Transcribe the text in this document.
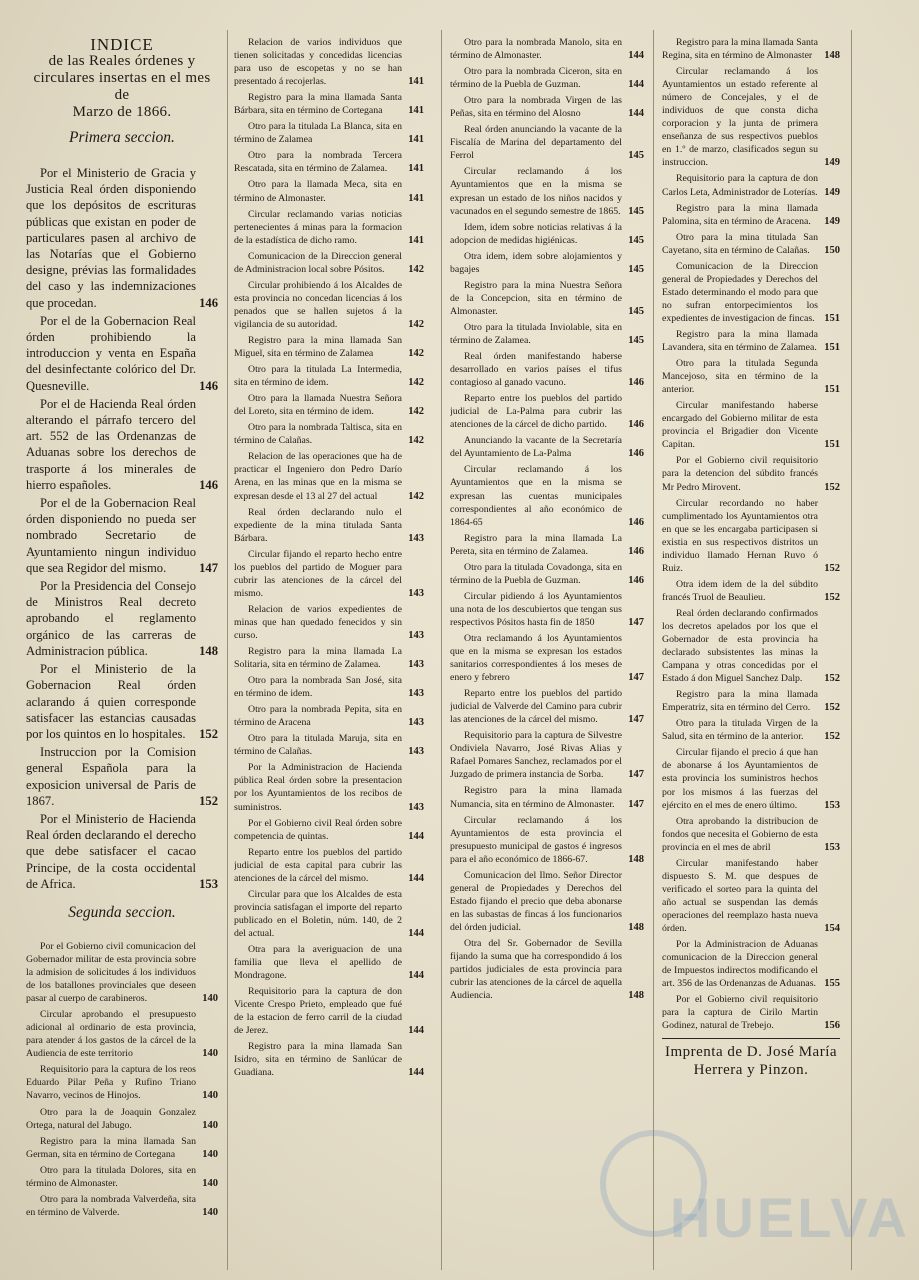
INDICE
de las Reales órdenes y circulares insertas en el mes de
Marzo de 1866.
Primera seccion.
Por el Ministerio de Gracia y Justicia Real órden disponiendo que los depósitos de escrituras públicas que existan en poder de particulares pasen al archivo de las Notarías que el Gobierno designe, prévias las formalidades del caso y las indemnizaciones que procedan.	146
Por el de la Gobernacion Real órden prohibiendo la introduccion y venta en España del desinfectante colórico del Dr. Quesneville.	146
Por el de Hacienda Real órden alterando el párrafo tercero del art. 552 de las Ordenanzas de Aduanas sobre los derechos de trasporte á los minerales de hierro españoles.	146
Por el de la Gobernacion Real órden disponiendo no pueda ser nombrado Secretario de Ayuntamiento ningun individuo que sea Regidor del mismo.	147
Por la Presidencia del Consejo de Ministros Real decreto aprobando el reglamento orgánico de las carreras de Administracion pública.	148
Por el Ministerio de la Gobernacion Real órden aclarando á quien corresponde satisfacer las estancias causadas por los quintos en lo hospitales. 152
Instruccion por la Comision general Española para la exposicion universal de Paris de 1867.	152
Por el Ministerio de Hacienda Real órden declarando el derecho que debe satisfacer el cacao Principe, de la costa occidental de Africa.	153
Segunda seccion.
Por el Gobierno civil comunicacion del Gobernador militar de esta provincia sobre la admision de solicitudes á los individuos de los batallones provinciales que deseen pasar al cuerpo de carabineros.	140
Circular aprobando el presupuesto adicional al ordinario de esta provincia, para atender á los gastos de la cárcel de la Audiencia de este territorio	140
Requisitorio para la captura de los reos Eduardo Pilar Peña y Rufino Triano Navarro, vecinos de Hinojos.	140
Otro para la de Joaquin Gonzalez Ortega, natural del Jabugo.	140
Registro para la mina llamada San German, sita en término de Cortegana	140
Otro para la titulada Dolores, sita en término de Almonaster.	140
Otro para la nombrada Valverdeña, sita en término de Valverde.	140
Relacion de varios individuos que tienen solicitadas y concedidas licencias para uso de escopetas y no se han presentado á recojerlas.	141
Registro para la mina llamada Santa Bárbara, sita en término de Cortegana 141
Otro para la titulada La Blanca, sita en término de Zalamea	141
Otro para la nombrada Tercera Rescatada, sita en término de Zalamea. 141
Otro para la llamada Meca, sita en término de Almonaster.	141
Circular reclamando varias noticias pertenecientes á minas para la formacion de la estadística de dicho ramo.	141
Comunicacion de la Direccion general de Administracion local sobre Pósitos. 142
Circular prohibiendo á los Alcaldes de esta provincia no concedan licencias á los penados que se hallen sujetos á la vigilancia de su autoridad.	142
Registro para la mina llamada San Miguel, sita en término de Zalamea	142
Otro para la titulada La Intermedia, sita en término de idem.	142
Otro para la llamada Nuestra Señora del Loreto, sita en término de idem.	142
Otro para la nombrada Taltisca, sita en término de Calañas.	142
Relacion de las operaciones que ha de practicar el Ingeniero don Pedro Darío Arena, en las minas que en la misma se expresan desde el 13 al 27 del actual	142
Real órden declarando nulo el expediente de la mina titulada Santa Bárbara.	143
Circular fijando el reparto hecho entre los pueblos del partido de Moguer para cubrir las atenciones de la cárcel del mismo.	143
Relacion de varios expedientes de minas que han quedado fenecidos y sin curso.	143
Registro para la mina llamada La Solitaria, sita en término de Zalamea.	143
Otro para la nombrada San José, sita en término de idem.	143
Otro para la nombrada Pepita, sita en término de Aracena	143
Otro para la titulada Maruja, sita en término de Calañas.	143
Por la Administracion de Hacienda pública Real órden sobre la presentacion por los Ayuntamientos de los recibos de suministros.	143
Por el Gobierno civil Real órden sobre competencia de quintas.	144
Reparto entre los pueblos del partido judicial de esta capital para cubrir las atenciones de la cárcel del mismo.	144
Circular para que los Alcaldes de esta provincia satisfagan el importe del reparto publicado en el Boletin, núm. 140, de 2 del actual.	144
Otra para la averiguacion de una familia que lleva el apellido de Mondragone.	144
Requisitorio para la captura de don Vicente Crespo Prieto, empleado que fué de la estacion de ferro carril de la ciudad de Jerez.	144
Registro para la mina llamada San Isidro, sita en término de Sanlúcar de Guadiana.	144
Otro para la nombrada Manolo, sita en término de Almonaster.	144
Otro para la nombrada Ciceron, sita en término de la Puebla de Guzman.	144
Otro para la nombrada Virgen de las Peñas, sita en término del Alosno	144
Real órden anunciando la vacante de la Fiscalía de Marina del departamento del Ferrol	145
Circular reclamando á los Ayuntamientos que en la misma se expresan un estado de los niños nacidos y vacunados en el segundo semestre de 1865. 145
Idem, idem sobre noticias relativas á la adopcion de medidas higiénicas.	145
Otra idem, idem sobre alojamientos y bagajes	145
Registro para la mina Nuestra Señora de la Concepcion, sita en término de Almonaster.	145
Otro para la titulada Inviolable, sita en término de Zalamea.	145
Real órden manifestando haberse desarrollado en varios países el tifus contagioso al ganado vacuno.	146
Reparto entre los pueblos del partido judicial de La-Palma para cubrir las atenciones de la cárcel de dicho partido. 146
Anunciando la vacante de la Secretaría del Ayuntamiento de La-Palma	146
Circular reclamando á los Ayuntamientos que en la misma se expresan las cuentas municipales correspondientes al año económico de 1864-65	146
Registro para la mina llamada La Pereta, sita en término de Zalamea.	146
Otro para la titulada Covadonga, sita en término de la Puebla de Guzman.	146
Circular pidiendo á los Ayuntamientos una nota de los descubiertos que tengan sus respectivos Pósitos hasta fin de 1850	147
Otra reclamando á los Ayuntamientos que en la misma se expresan los estados sanitarios correspondientes á los meses de enero y febrero	147
Reparto entre los pueblos del partido judicial de Valverde del Camino para cubrir las atenciones de la cárcel del mismo.	147
Requisitorio para la captura de Silvestre Ondiviela Navarro, José Rivas Alias y Rafael Pomares Sanchez, reclamados por el Juzgado de primera instancia de Sorba. 147
Registro para la mina llamada Numancia, sita en término de Almonaster. 147
Circular reclamando á los Ayuntamientos de esta provincia el presupuesto municipal de gastos é ingresos para el año económico de 1866-67.	148
Comunicacion del Ilmo. Señor Director general de Propiedades y Derechos del Estado fijando el precio que deba abonarse en las subastas de fincas á los funcionarios del órden judicial.	148
Otra del Sr. Gobernador de Sevilla fijando la suma que ha correspondido á los partidos judiciales de esta provincia para cubrir las atenciones de la cárcel de aquella Audiencia.	148
Registro para la mina llamada Santa Regina, sita en término de Almonaster 148
Circular reclamando á los Ayuntamientos un estado referente al número de Concejales, y el de individuos de que consta dicha corporacion y la junta de primera enseñanza de sus respectivos pueblos en 1.º de marzo, clasificados segun su instruccion.	149
Requisitorio para la captura de don Carlos Leta, Administrador de Loterías. 149
Registro para la mina llamada Palomina, sita en término de Aracena. 149
Otro para la mina titulada San Cayetano, sita en término de Calañas. 150
Comunicacion de la Direccion general de Propiedades y Derechos del Estado determinando el modo para que no sufran entorpecimientos los expedientes de investigacion de fincas. 151
Registro para la mina llamada Lavandera, sita en término de Zalamea. 151
Otro para la titulada Segunda Mancejoso, sita en término de la anterior.	151
Circular manifestando haberse encargado del Gobierno militar de esta provincia el Brigadier don Vicente Capitan.	151
Por el Gobierno civil requisitorio para la detencion del súbdito francés Mr Pedro Mirovent.	152
Circular recordando no haber cumplimentado los Ayuntamientos otra en que se les encargaba participasen si existia en sus respectivos distritos un individuo llamado Hernan Ruvo ó Ruiz.	152
Otra idem idem de la del súbdito francés Truol de Beaulieu.	152
Real órden declarando confirmados los decretos apelados por los que el Gobernador de esta provincia ha declarado subsistentes las minas la Campana y otras concedidas por el Estado á don Miguel Sanchez Dalp. 152
Registro para la mina llamada Emperatriz, sita en término del Cerro. 152
Otro para la titulada Virgen de la Salud, sita en término de la anterior. 152
Circular fijando el precio á que han de abonarse á los Ayuntamientos de esta provincia los suministros hechos por los mismos á las fuerzas del ejército en el mes de enero último.	153
Otra aprobando la distribucion de fondos que necesita el Gobierno de esta provincia en el mes de abril	153
Circular manifestando haber dispuesto S. M. que despues de verificado el sorteo para la quinta del año actual se suspendan las demás operaciones del reemplazo hasta nueva órden.	154
Por la Administracion de Aduanas comunicacion de la Direccion general de Impuestos indirectos modificando el art. 356 de las Ordenanzas de Aduanas. 155
Por el Gobierno civil requisitorio para la captura de Cirilo Martin Godinez, natural de Trebejo.	156
Imprenta de D. José María
Herrera y Pinzon.
HUELVA
